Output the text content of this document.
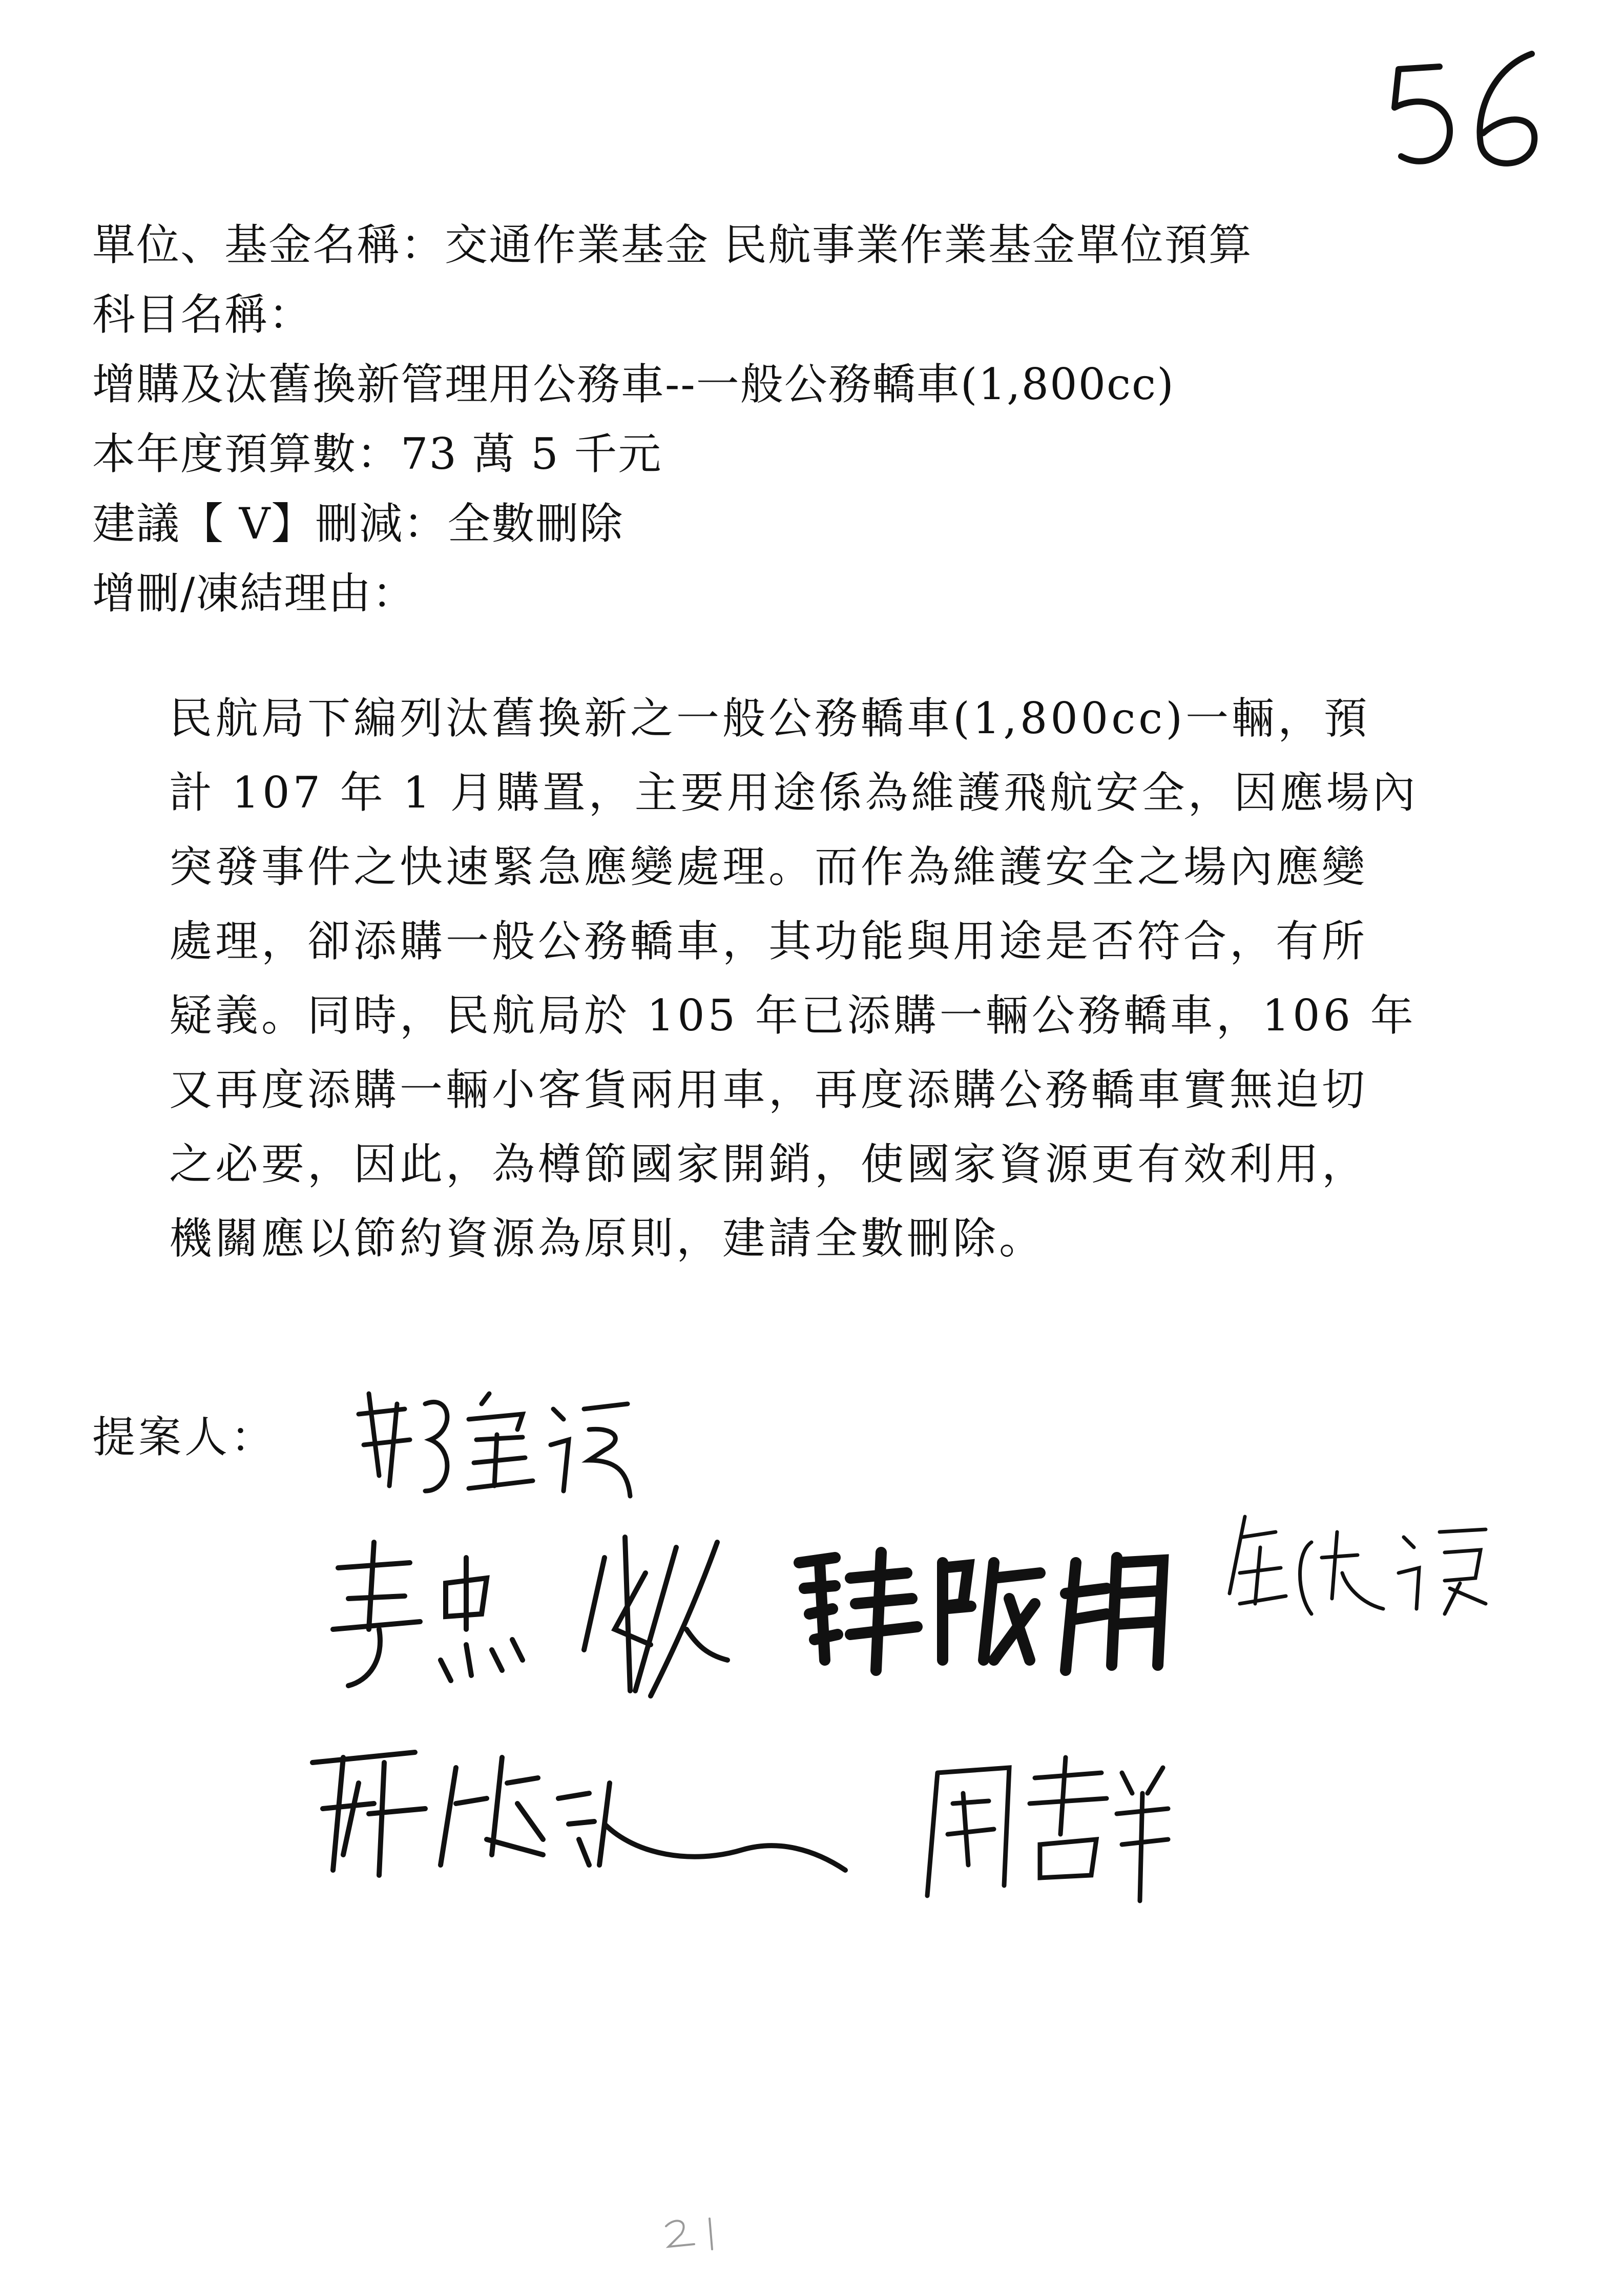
單位、基金名稱：交通作業基金 民航事業作業基金單位預算
科目名稱：
增購及汰舊換新管理用公務車--一般公務轎車(1,800cc)
本年度預算數：73 萬 5 千元
建議【 V】刪減：全數刪除
增刪/凍結理由：
民航局下編列汰舊換新之一般公務轎車(1,800cc)一輛，預
計 107 年 1 月購置，主要用途係為維護飛航安全，因應場內
突發事件之快速緊急應變處理。而作為維護安全之場內應變
處理，卻添購一般公務轎車，其功能與用途是否符合，有所
疑義。同時，民航局於 105 年已添購一輛公務轎車，106 年
又再度添購一輛小客貨兩用車，再度添購公務轎車實無迫切
之必要，因此，為樽節國家開銷，使國家資源更有效利用，
機關應以節約資源為原則，建請全數刪除。
提案人：
